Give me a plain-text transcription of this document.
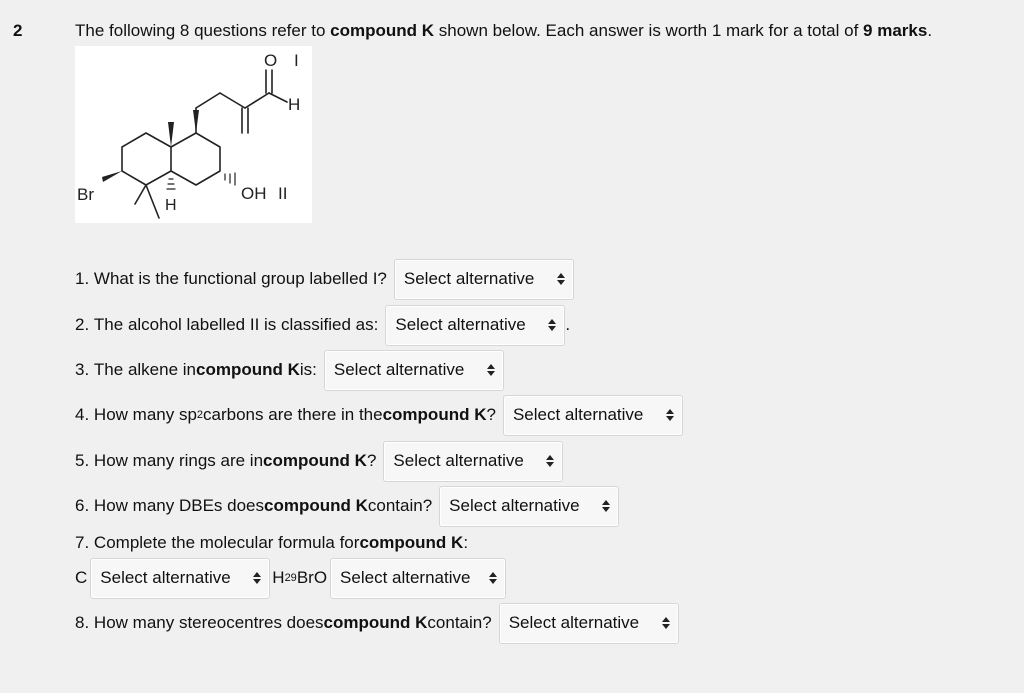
2	The following 8 questions refer to compound K shown below. Each answer is worth 1 mark for a total of 9 marks.
O I
H
Br
H
OH II
1.
What is the functional group labelled I? Select alternative
2.
The alcohol labelled II is classified as: Select alternative .
3.
The alkene in compound K is: Select alternative
4.
How many sp 2 carbons are there in the compound K ? Select alternative
5.
How many rings are in compound K ? Select alternative
6.
How many DBEs does compound K contain? Select alternative
7.
Complete the molecular formula for compound K :
C Select alternative H 29 BrO Select alternative
8.
How many stereocentres does compound K contain? Select alternative
